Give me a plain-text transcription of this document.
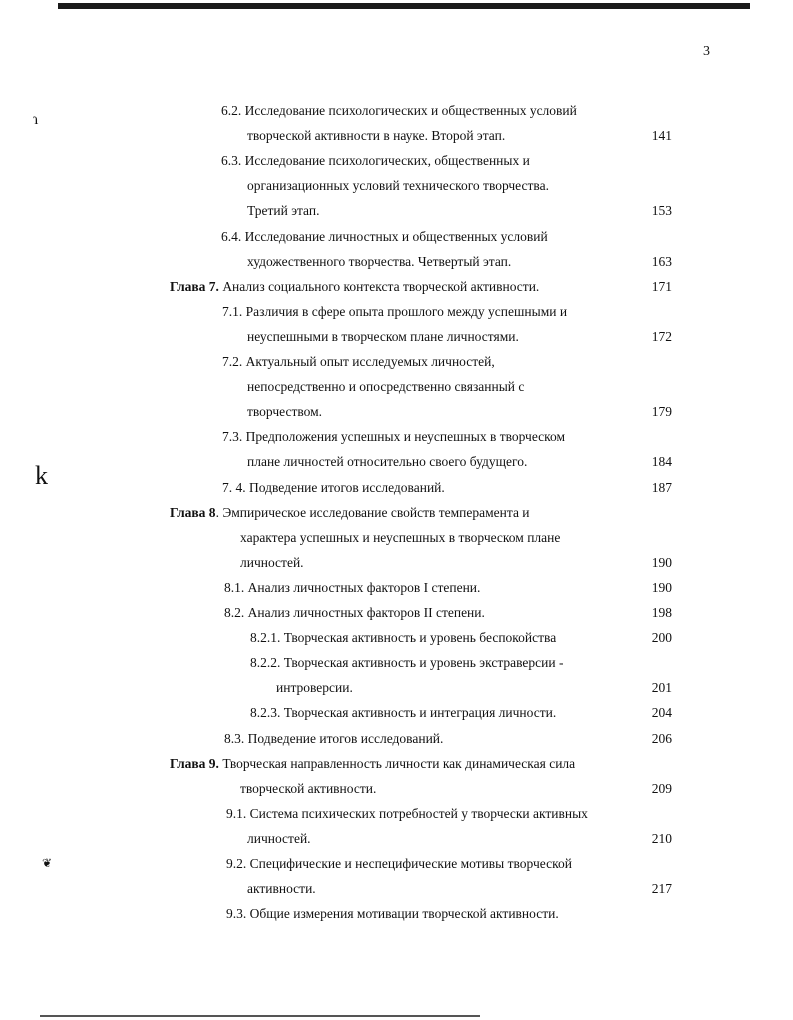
3
6.2. Исследование психологических и общественных условий
творческой активности в науке. Второй этап.	141
6.3. Исследование психологических, общественных и
организационных условий технического творчества.
Третий этап.	153
6.4. Исследование личностных и общественных условий
художественного творчества. Четвертый этап.	163
Глава 7. Анализ социального контекста творческой активности.	171
7.1. Различия в сфере опыта прошлого между успешными и
неуспешными в творческом плане личностями.	172
7.2. Актуальный опыт исследуемых личностей,
непосредственно и опосредственно связанный с
творчеством.	179
7.3. Предположения успешных и неуспешных в творческом
плане личностей относительно своего будущего.	184
7. 4. Подведение итогов исследований.	187
Глава 8. Эмпирическое исследование свойств темперамента и
характера успешных и неуспешных в творческом плане
личностей.	190
8.1. Анализ личностных факторов I степени.	190
8.2. Анализ личностных факторов II степени.	198
8.2.1. Творческая активность и уровень беспокойства	200
8.2.2. Творческая активность и уровень экстраверсии -
интроверсии.	201
8.2.3. Творческая активность и интеграция личности.	204
8.3. Подведение итогов исследований.	206
Глава 9. Творческая направленность личности как динамическая сила
творческой активности.	209
9.1. Система психических потребностей у творчески активных
личностей.	210
9.2. Специфические и неспецифические мотивы творческой
активности.	217
9.3. Общие измерения мотивации творческой активности.
ɿ
k
❦
